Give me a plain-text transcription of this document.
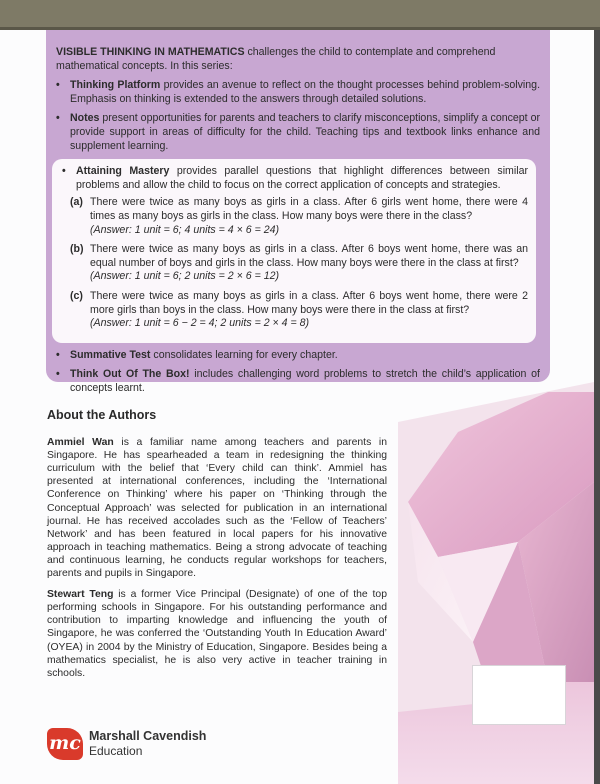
VISIBLE THINKING IN MATHEMATICS challenges the child to contemplate and comprehend mathematical concepts. In this series:

• Thinking Platform provides an avenue to reflect on the thought processes behind problem-solving. Emphasis on thinking is extended to the answers through detailed solutions.

• Notes present opportunities for parents and teachers to clarify misconceptions, simplify a concept or provide support in areas of difficulty for the child. Teaching tips and textbook links enhance and supplement learning.

• Attaining Mastery provides parallel questions that highlight differences between similar problems and allow the child to focus on the correct application of concepts and strategies.

(a) There were twice as many boys as girls in a class. After 6 girls went home, there were 4 times as many boys as girls in the class. How many boys were there in the class?
(Answer: 1 unit = 6; 4 units = 4 × 6 = 24)
(b) There were twice as many boys as girls in a class. After 6 boys went home, there was an equal number of boys and girls in the class. How many boys were there in the class at first?
(Answer: 1 unit = 6; 2 units = 2 × 6 = 12)
(c) There were twice as many boys as girls in a class. After 6 boys went home, there were 2 more girls than boys in the class. How many boys were there in the class at first?
(Answer: 1 unit = 6 − 2 = 4; 2 units = 2 × 4 = 8)

• Summative Test consolidates learning for every chapter.

• Think Out Of The Box! includes challenging word problems to stretch the child’s application of concepts learnt.

About the Authors

Ammiel Wan is a familiar name among teachers and parents in Singapore. He has spearheaded a team in redesigning the thinking curriculum with the belief that ‘Every child can think’. Ammiel has presented at international conferences, including the ‘International Conference on Thinking’ where his paper on ‘Thinking through the Conceptual Approach’ was selected for publication in an international journal. He has received accolades such as the ‘Fellow of Teachers’ Network’ and has been featured in local papers for his innovative approach in teaching mathematics. Being a strong advocate of teaching and continuous learning, he conducts regular workshops for teachers, parents and pupils in Singapore.

Stewart Teng is a former Vice Principal (Designate) of one of the top performing schools in Singapore. For his outstanding performance and contribution to imparting knowledge and influencing the youth of Singapore, he was conferred the ‘Outstanding Youth In Education Award’ (OYEA) in 2004 by the Ministry of Education, Singapore. Besides being a mathematics specialist, he is also very active in teacher training in schools.

mc Marshall Cavendish
Education
